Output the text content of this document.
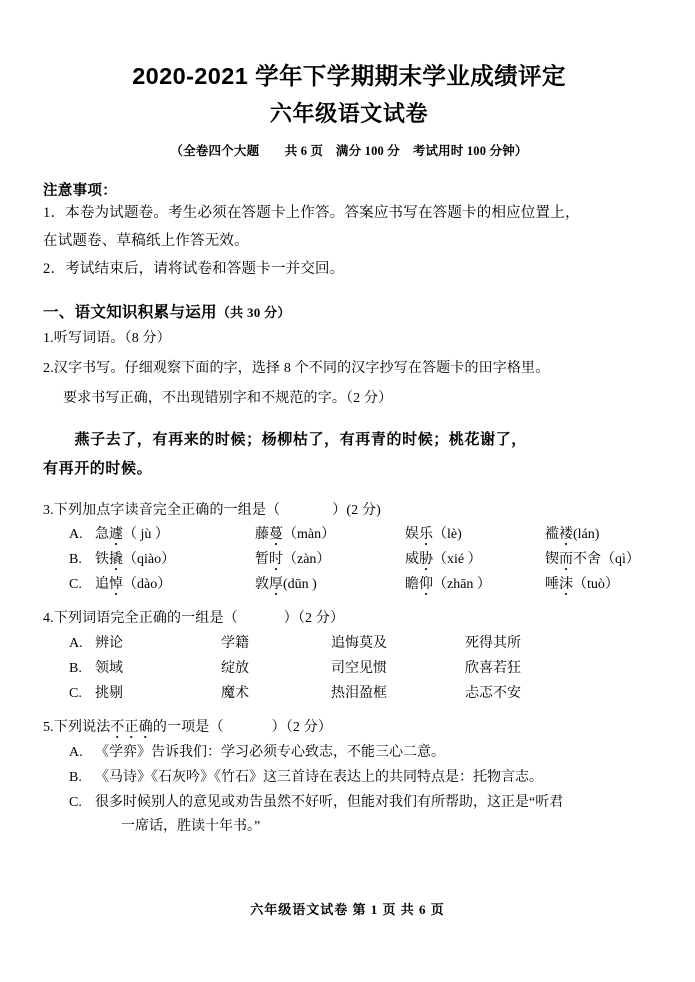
2020-2021 学年下学期期末学业成绩评定
六年级语文试卷
（全卷四个大题　　共 6 页　满分 100 分　考试用时 100 分钟）
注意事项：
1．本卷为试题卷。考生必须在答题卡上作答。答案应书写在答题卡的相应位置上，
在试题卷、草稿纸上作答无效。
2．考试结束后，请将试卷和答题卡一并交回。
一、语文知识积累与运用（共 30 分）
1.听写词语。（8 分）
2.汉字书写。仔细观察下面的字，选择 8 个不同的汉字抄写在答题卡的田字格里。
要求书写正确，不出现错别字和不规范的字。（2 分）
燕子去了，有再来的时候；杨柳枯了，有再青的时候；桃花谢了，
有再开的时候。
3.下列加点字读音完全正确的一组是（	）(2 分)
A. 急遽（ jù ）	藤蔓（màn）	娱乐（lè)	褴褛(lán)
B. 铁撬（qiào）	暂时（zàn）	威胁（xié ）	锲而不舍（qì）
C. 追悼（dào）	敦厚(dūn )	瞻仰（zhān ）	唾沫（tuò）
4.下列词语完全正确的一组是（	）（2 分）
A. 辨论	学籍	追悔莫及	死得其所
B. 领域	绽放	司空见惯	欣喜若狂
C. 挑剔	魔术	热泪盈框	忐忑不安
5.下列说法不正确的一项是（	）（2 分）
A. 《学弈》告诉我们：学习必须专心致志，不能三心二意。
B. 《马诗》《石灰吟》《竹石》这三首诗在表达上的共同特点是：托物言志。
C. 很多时候别人的意见或劝告虽然不好听，但能对我们有所帮助，这正是“听君
一席话，胜读十年书。”
六年级语文试卷 第 1 页 共 6 页
